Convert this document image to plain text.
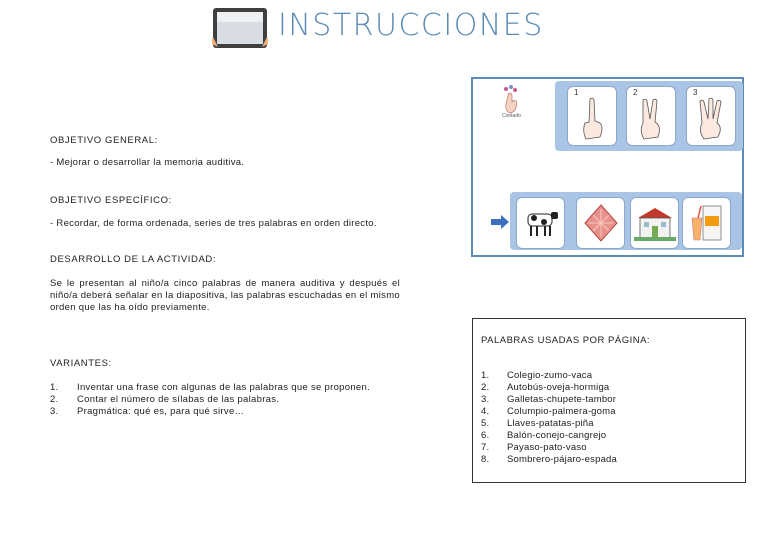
INSTRUCCIONES
OBJETIVO GENERAL:
- Mejorar o desarrollar la memoria auditiva.
OBJETIVO ESPECÍFICO:
- Recordar, de forma ordenada, series de tres palabras en orden directo.
DESARROLLO DE LA ACTIVIDAD:
Se le presentan al niño/a cinco palabras de manera auditiva y después el niño/a deberá señalar en la diapositiva, las palabras escuchadas en el mismo orden que las ha oído previamente.
VARIANTES:
1.	Inventar una frase con algunas de las palabras que se proponen.
2.	Contar el número de sílabas de las palabras.
3.	Pragmática: qué es, para qué sirve…
Contado
1	2	3
PALABRAS USADAS POR PÁGINA:
1.	Colegio-zumo-vaca
2.	Autobús-oveja-hormiga
3.	Galletas-chupete-tambor
4.	Columpio-palmera-goma
5.	Llaves-patatas-piña
6.	Balón-conejo-cangrejo
7.	Payaso-pato-vaso
8.	Sombrero-pájaro-espada
